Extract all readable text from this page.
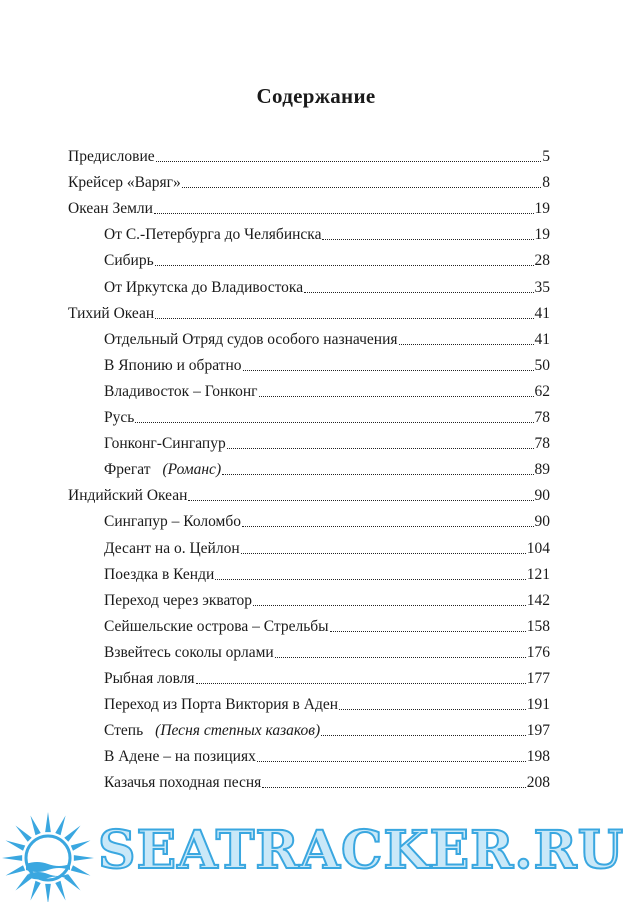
Содержание
Предисловие	5
Крейсер «Варяг»	8
Океан Земли	19
От С.-Петербурга до Челябинска	19
Сибирь	28
От Иркутска до Владивостока	35
Тихий Океан	41
Отдельный Отряд судов особого назначения	41
В Японию и обратно	50
Владивосток – Гонконг	62
Русь	78
Гонконг-Сингапур	78
Фрегат (Романс)	89
Индийский Океан	90
Сингапур – Коломбо	90
Десант на о. Цейлон	104
Поездка в Кенди	121
Переход через экватор	142
Сейшельские острова – Стрельбы	158
Взвейтесь соколы орлами	176
Рыбная ловля	177
Переход из Порта Виктория в Аден	191
Степь (Песня степных казаков)	197
В Адене – на позициях	198
Казачья походная песня	208
SEATRACKER.RU
